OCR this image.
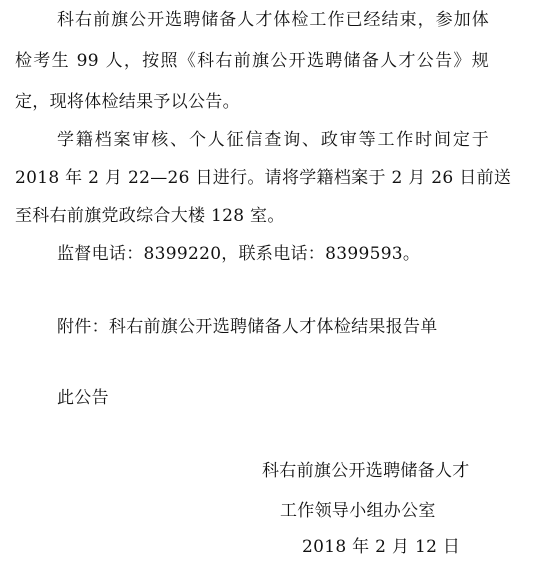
科右前旗公开选聘储备人才体检工作已经结束，参加体
检考生 99 人，按照《科右前旗公开选聘储备人才公告》规
定，现将体检结果予以公告。
学籍档案审核、个人征信查询、政审等工作时间定于
2018 年 2 月 22—26 日进行。请将学籍档案于 2 月 26 日前送
至科右前旗党政综合大楼 128 室。
监督电话：8399220，联系电话：8399593。
附件：科右前旗公开选聘储备人才体检结果报告单
此公告
科右前旗公开选聘储备人才
工作领导小组办公室
2018 年 2 月 12 日
